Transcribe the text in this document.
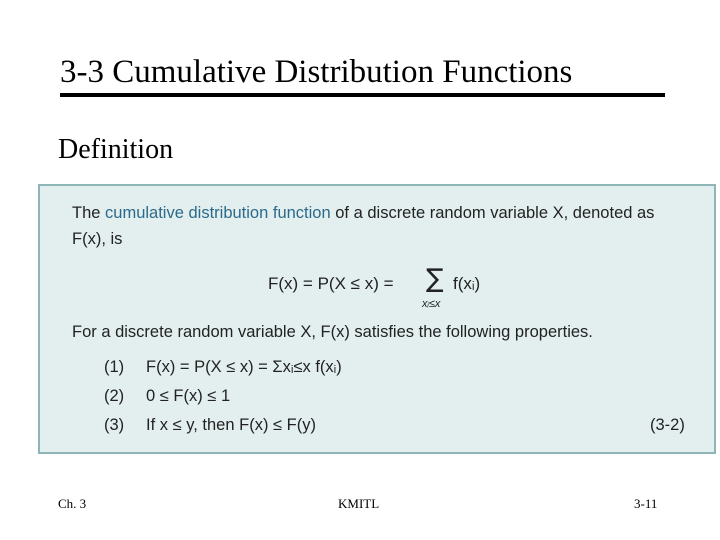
3-3 Cumulative Distribution Functions
Definition
The cumulative distribution function of a discrete random variable X, denoted as
F(x), is
F(x) = P(X ≤ x) = ∑
xᵢ≤x
f(xᵢ)
For a discrete random variable X, F(x) satisfies the following properties.
(1) F(x) = P(X ≤ x) = Σxᵢ≤x f(xᵢ)
(2) 0 ≤ F(x) ≤ 1
(3) If x ≤ y, then F(x) ≤ F(y)	(3-2)
Ch. 3	KMITL	3-11
